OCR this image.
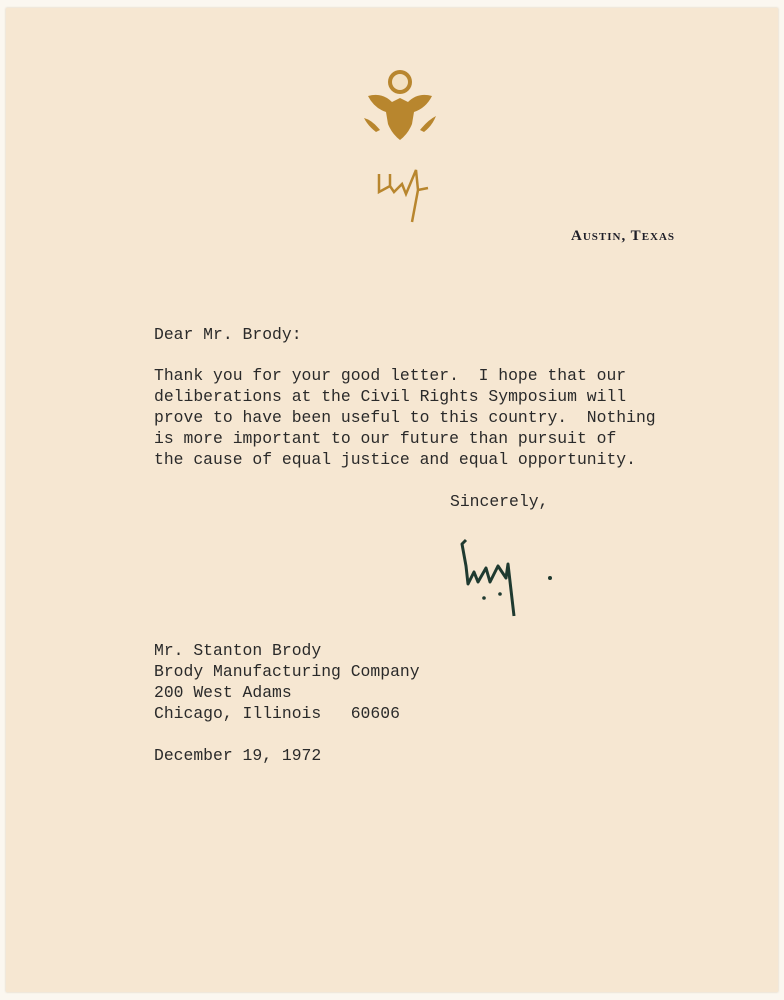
Austin, Texas
Dear Mr. Brody:
Thank you for your good letter.  I hope that our
deliberations at the Civil Rights Symposium will
prove to have been useful to this country.  Nothing
is more important to our future than pursuit of
the cause of equal justice and equal opportunity.
Sincerely,
Mr. Stanton Brody
Brody Manufacturing Company
200 West Adams
Chicago, Illinois   60606
December 19, 1972
